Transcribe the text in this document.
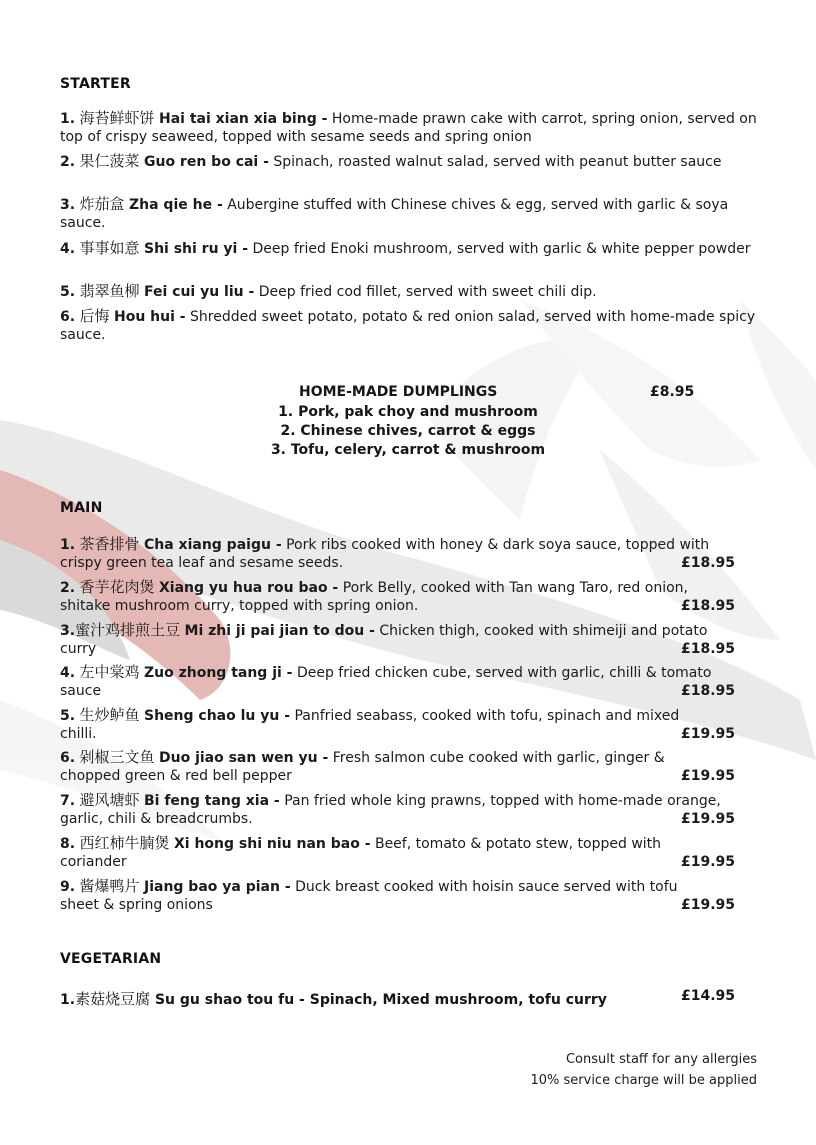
STARTER
1. 海苔鲜虾饼 Hai tai xian xia bing - Home-made prawn cake with carrot, spring onion, served on top of crispy seaweed, topped with sesame seeds and spring onion
2. 果仁菠菜 Guo ren bo cai - Spinach, roasted walnut salad, served with peanut butter sauce
3. 炸茄盒 Zha qie he - Aubergine stuffed with Chinese chives & egg, served with garlic & soya sauce.
4. 事事如意 Shi shi ru yi - Deep fried Enoki mushroom, served with garlic & white pepper powder
5. 翡翠鱼柳 Fei cui yu liu - Deep fried cod fillet, served with sweet chili dip.
6. 后悔 Hou hui - Shredded sweet potato, potato & red onion salad, served with home-made spicy sauce.
HOME-MADE DUMPLINGS	£8.95
1. Pork, pak choy and mushroom
2. Chinese chives, carrot & eggs
3. Tofu, celery, carrot & mushroom
MAIN
1. 茶香排骨 Cha xiang paigu - Pork ribs cooked with honey & dark soya sauce, topped with
crispy green tea leaf and sesame seeds.	£18.95
2. 香芋花肉煲 Xiang yu hua rou bao - Pork Belly, cooked with Tan wang Taro, red onion,
shitake mushroom curry, topped with spring onion.	£18.95
3.蜜汁鸡排煎土豆 Mi zhi ji pai jian to dou - Chicken thigh, cooked with shimeiji and potato
curry	£18.95
4. 左中棠鸡 Zuo zhong tang ji - Deep fried chicken cube, served with garlic, chilli & tomato
sauce	£18.95
5. 生炒鲈鱼 Sheng chao lu yu - Panfried seabass, cooked with tofu, spinach and mixed
chilli.	£19.95
6. 剁椒三文鱼 Duo jiao san wen yu - Fresh salmon cube cooked with garlic, ginger &
chopped green & red bell pepper	£19.95
7. 避风塘虾 Bi feng tang xia - Pan fried whole king prawns, topped with home-made orange,
garlic, chili & breadcrumbs.	£19.95
8. 西红柿牛腩煲 Xi hong shi niu nan bao - Beef, tomato & potato stew, topped with
coriander	£19.95
9. 酱爆鸭片 Jiang bao ya pian - Duck breast cooked with hoisin sauce served with tofu
sheet & spring onions	£19.95
VEGETARIAN
1.素菇烧豆腐 Su gu shao tou fu - Spinach, Mixed mushroom, tofu curry	£14.95
Consult staff for any allergies
10% service charge will be applied
